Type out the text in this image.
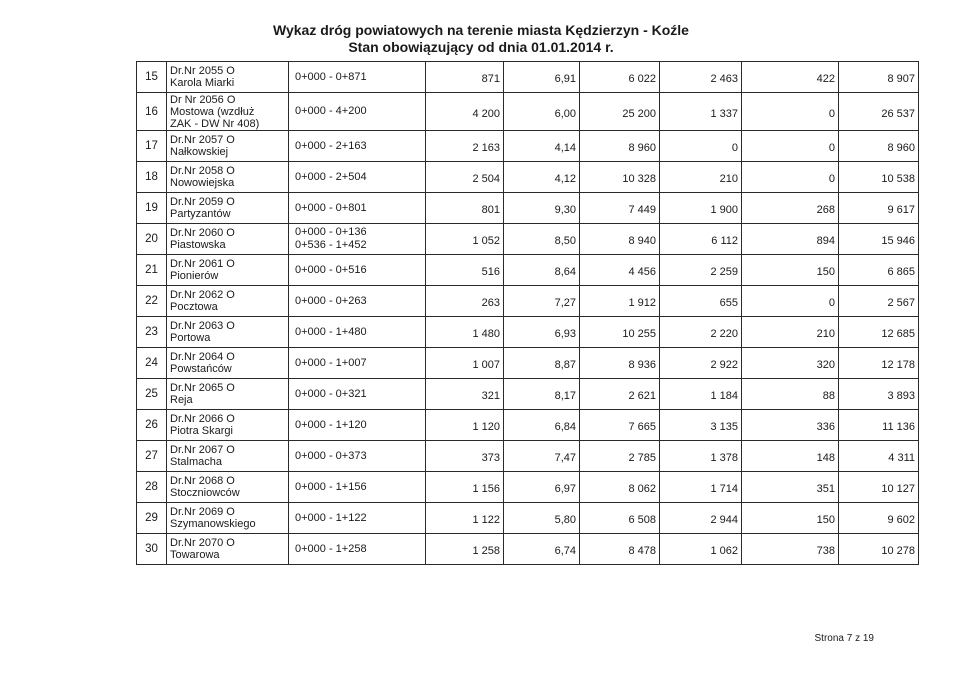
Wykaz dróg powiatowych na terenie miasta Kędzierzyn - Koźle
Stan obowiązujący od dnia 01.01.2014 r.
15	Dr.Nr 2055 O
Karola Miarki	0+000 - 0+871	871	6,91	6 022	2 463	422	8 907
16	Dr Nr 2056 O
Mostowa (wzdłuż
ZAK - DW Nr 408)	0+000 - 4+200	4 200	6,00	25 200	1 337	0	26 537
17	Dr.Nr 2057 O
Nałkowskiej	0+000 - 2+163	2 163	4,14	8 960	0	0	8 960
18	Dr.Nr 2058 O
Nowowiejska	0+000 - 2+504	2 504	4,12	10 328	210	0	10 538
19	Dr.Nr 2059 O
Partyzantów	0+000 - 0+801	801	9,30	7 449	1 900	268	9 617
20	Dr.Nr 2060 O
Piastowska	0+000 - 0+136
0+536 - 1+452	1 052	8,50	8 940	6 112	894	15 946
21	Dr.Nr 2061 O
Pionierów	0+000 - 0+516	516	8,64	4 456	2 259	150	6 865
22	Dr.Nr 2062 O
Pocztowa	0+000 - 0+263	263	7,27	1 912	655	0	2 567
23	Dr.Nr 2063 O
Portowa	0+000 - 1+480	1 480	6,93	10 255	2 220	210	12 685
24	Dr.Nr 2064 O
Powstańców	0+000 - 1+007	1 007	8,87	8 936	2 922	320	12 178
25	Dr.Nr 2065 O
Reja	0+000 - 0+321	321	8,17	2 621	1 184	88	3 893
26	Dr.Nr 2066 O
Piotra Skargi	0+000 - 1+120	1 120	6,84	7 665	3 135	336	11 136
27	Dr.Nr 2067 O
Stalmacha	0+000 - 0+373	373	7,47	2 785	1 378	148	4 311
28	Dr.Nr 2068 O
Stoczniowców	0+000 - 1+156	1 156	6,97	8 062	1 714	351	10 127
29	Dr.Nr 2069 O
Szymanowskiego	0+000 - 1+122	1 122	5,80	6 508	2 944	150	9 602
30	Dr.Nr 2070 O
Towarowa	0+000 - 1+258	1 258	6,74	8 478	1 062	738	10 278
Strona 7 z 19
